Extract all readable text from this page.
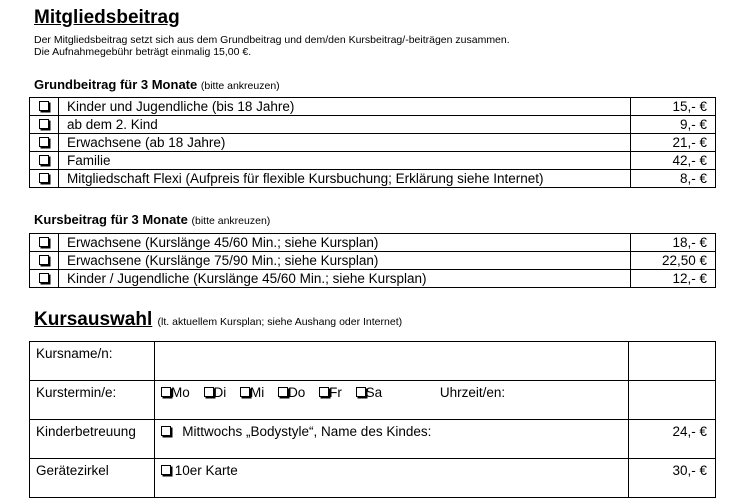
Mitgliedsbeitrag
Der Mitgliedsbeitrag setzt sich aus dem Grundbeitrag und dem/den Kursbeitrag/-beiträgen zusammen.
Die Aufnahmegebühr beträgt einmalig 15,00 €.
Grundbeitrag für 3 Monate (bitte ankreuzen)
	Kinder und Jugendliche (bis 18 Jahre)	15,- €
	ab dem 2. Kind	9,- €
	Erwachsene (ab 18 Jahre)	21,- €
	Familie	42,- €
	Mitgliedschaft Flexi (Aufpreis für flexible Kursbuchung; Erklärung siehe Internet)	8,- €
Kursbeitrag für 3 Monate (bitte ankreuzen)
	Erwachsene (Kurslänge 45/60 Min.; siehe Kursplan)	18,- €
	Erwachsene (Kurslänge 75/90 Min.; siehe Kursplan)	22,50 €
	Kinder / Jugendliche (Kurslänge 45/60 Min.; siehe Kursplan)	12,- €
Kursauswahl (lt. aktuellem Kursplan; siehe Aushang oder Internet)
Kursname/n:		
Kurstermin/e:	Mo Di Mi Do Fr Sa Uhrzeit/en:	
Kinderbetreuung	Mittwochs „Bodystyle“, Name des Kindes:	24,- €
Gerätezirkel	10er Karte	30,- €
